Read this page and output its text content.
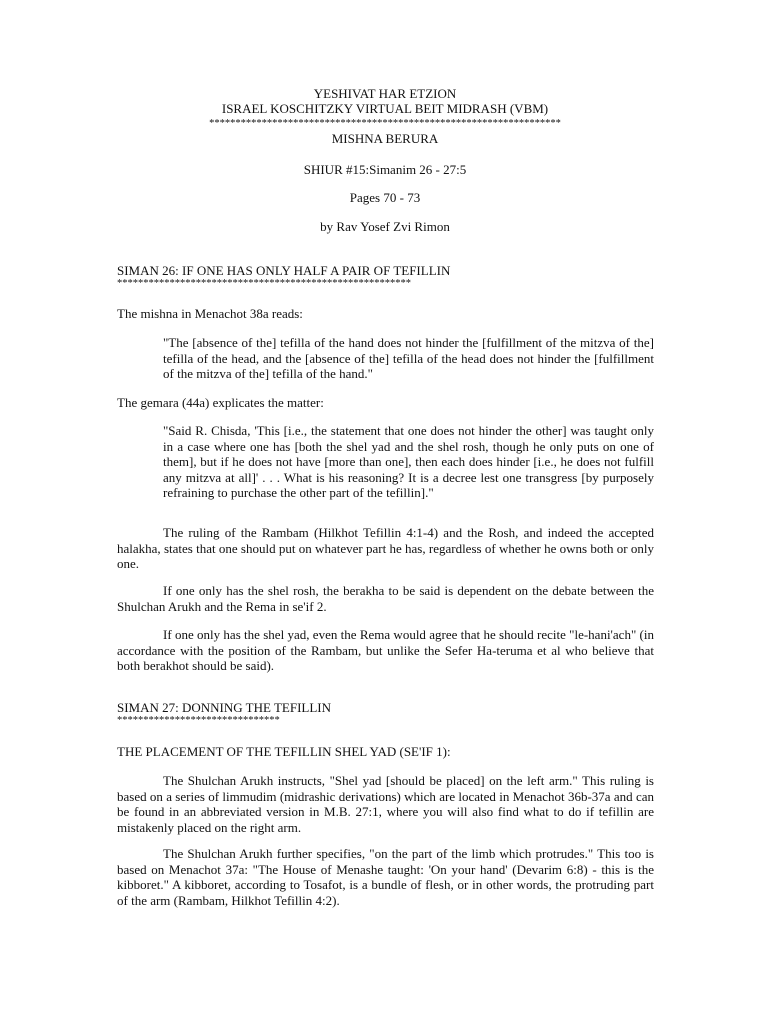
YESHIVAT HAR ETZION
ISRAEL KOSCHITZKY VIRTUAL BEIT MIDRASH (VBM)
*******************************************************************
MISHNA BERURA
SHIUR #15:Simanim 26 - 27:5
Pages 70 - 73
by Rav Yosef Zvi Rimon
SIMAN 26: IF ONE HAS ONLY HALF A PAIR OF TEFILLIN
********************************************************

The mishna in Menachot 38a reads:

"The [absence of the] tefilla of the hand does not hinder the [fulfillment of the mitzva of the] tefilla of the head, and the [absence of the] tefilla of the head does not hinder the [fulfillment of the mitzva of the] tefilla of the hand."

The gemara (44a) explicates the matter:

"Said R. Chisda, 'This [i.e., the statement that one does not hinder the other] was taught only in a case where one has [both the shel yad and the shel rosh, though he only puts on one of them], but if he does not have [more than one], then each does hinder [i.e., he does not fulfill any mitzva at all]' . . . What is his reasoning? It is a decree lest one transgress [by purposely refraining to purchase the other part of the tefillin]."

The ruling of the Rambam (Hilkhot Tefillin 4:1-4) and the Rosh, and indeed the accepted halakha, states that one should put on whatever part he has, regardless of whether he owns both or only one.

If one only has the shel rosh, the berakha to be said is dependent on the debate between the Shulchan Arukh and the Rema in se'if 2.

If one only has the shel yad, even the Rema would agree that he should recite "le-hani'ach" (in accordance with the position of the Rambam, but unlike the Sefer Ha-teruma et al who believe that both berakhot should be said).

SIMAN 27: DONNING THE TEFILLIN
*******************************
THE PLACEMENT OF THE TEFILLIN SHEL YAD (SE'IF 1):

The Shulchan Arukh instructs, "Shel yad [should be placed] on the left arm." This ruling is based on a series of limmudim (midrashic derivations) which are located in Menachot 36b-37a and can be found in an abbreviated version in M.B. 27:1, where you will also find what to do if tefillin are mistakenly placed on the right arm.

The Shulchan Arukh further specifies, "on the part of the limb which protrudes." This too is based on Menachot 37a: "The House of Menashe taught: 'On your hand' (Devarim 6:8) - this is the kibboret." A kibboret, according to Tosafot, is a bundle of flesh, or in other words, the protruding part of the arm (Rambam, Hilkhot Tefillin 4:2).
